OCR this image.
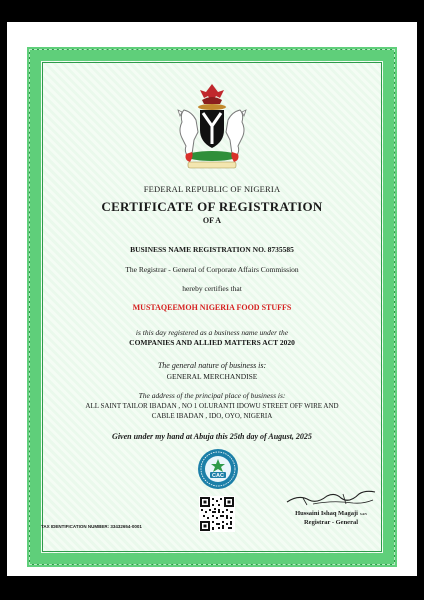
FEDERAL REPUBLIC OF NIGERIA
CERTIFICATE OF REGISTRATION
OF A
BUSINESS NAME REGISTRATION NO. 8735585
The Registrar - General of Corporate Affairs Commission
hereby certifies that
MUSTAQEEMOH NIGERIA FOOD STUFFS
is this day registered as a business name under the
COMPANIES AND ALLIED MATTERS ACT 2020
The general nature of business is:
GENERAL MERCHANDISE
The address of the principal place of business is:
ALL SAINT TAILOR IBADAN , NO 1 OLURANTI IDOWU STREET OFF WIRE AND
CABLE IBADAN , IDO, OYO, NIGERIA
Given under my hand at Abuja this 25th day of August, 2025
CAC
TAX IDENTIFICATION NUMBER: 33432654-0001
Hussaini Ishaq Magaji SAN
Registrar - General
